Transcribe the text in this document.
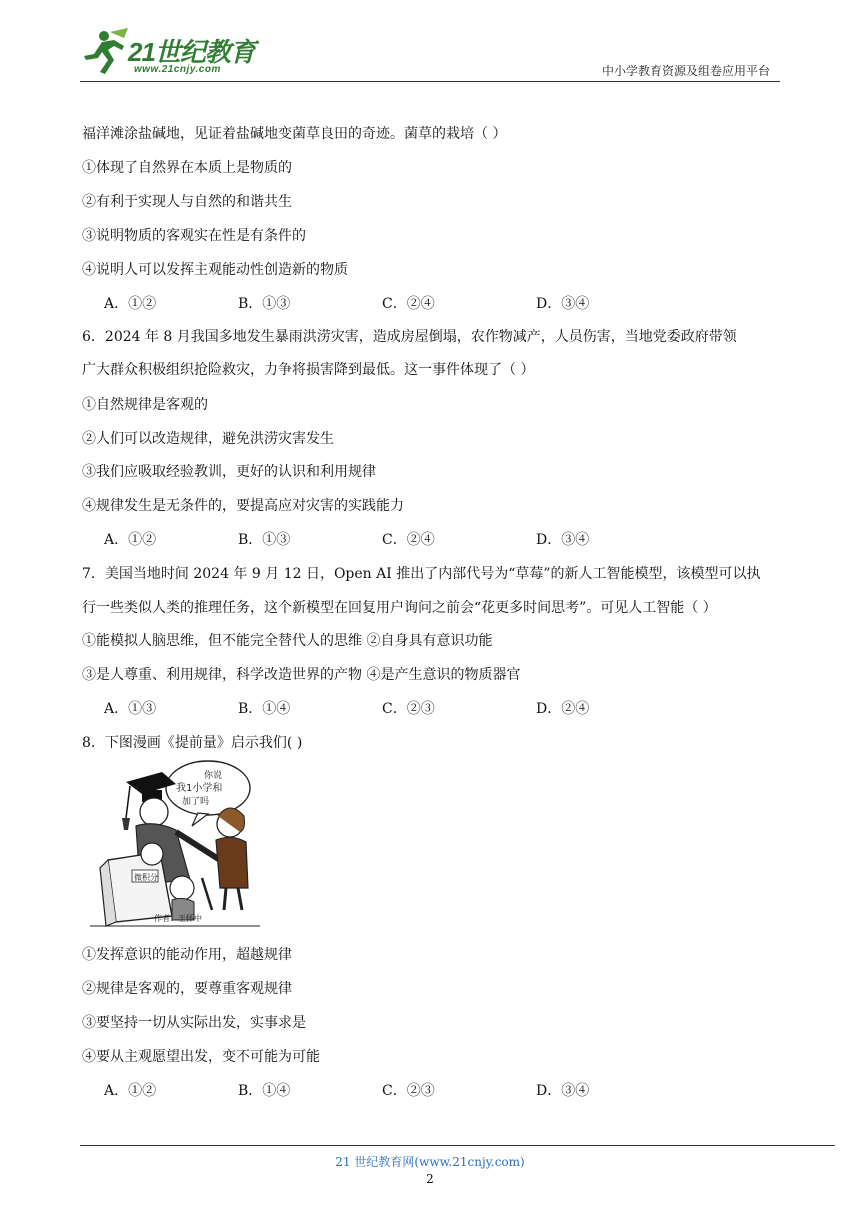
21世纪教育
www.21cnjy.com	中小学教育资源及组卷应用平台
福洋滩涂盐碱地，见证着盐碱地变菌草良田的奇迹。菌草的栽培（ ）
①体现了自然界在本质上是物质的
②有利于实现人与自然的和谐共生
③说明物质的客观实在性是有条件的
④说明人可以发挥主观能动性创造新的物质
A．①②	B．①③	C．②④	D．③④
6．2024 年 8 月我国多地发生暴雨洪涝灾害，造成房屋倒塌，农作物减产，人员伤害，当地党委政府带领
广大群众积极组织抢险救灾，力争将损害降到最低。这一事件体现了（ ）
①自然规律是客观的
②人们可以改造规律，避免洪涝灾害发生
③我们应吸取经验教训，更好的认识和利用规律
④规律发生是无条件的，要提高应对灾害的实践能力
A．①②	B．①③	C．②④	D．③④
7．美国当地时间 2024 年 9 月 12 日，Open AI 推出了内部代号为“草莓”的新人工智能模型，该模型可以执
行一些类似人类的推理任务，这个新模型在回复用户询问之前会“花更多时间思考”。可见人工智能（ ）
①能模拟人脑思维，但不能完全替代人的思维 ②自身具有意识功能
③是人尊重、利用规律，科学改造世界的产物 ④是产生意识的物质器官
A．①③	B．①④	C．②③	D．②④
8．下图漫画《提前量》启示我们( )
你说
我1小学和
加了吗
微积分
作者：王怀中
①发挥意识的能动作用，超越规律
②规律是客观的，要尊重客观规律
③要坚持一切从实际出发，实事求是
④要从主观愿望出发，变不可能为可能
A．①②	B．①④	C．②③	D．③④
21 世纪教育网(www.21cnjy.com)
2
